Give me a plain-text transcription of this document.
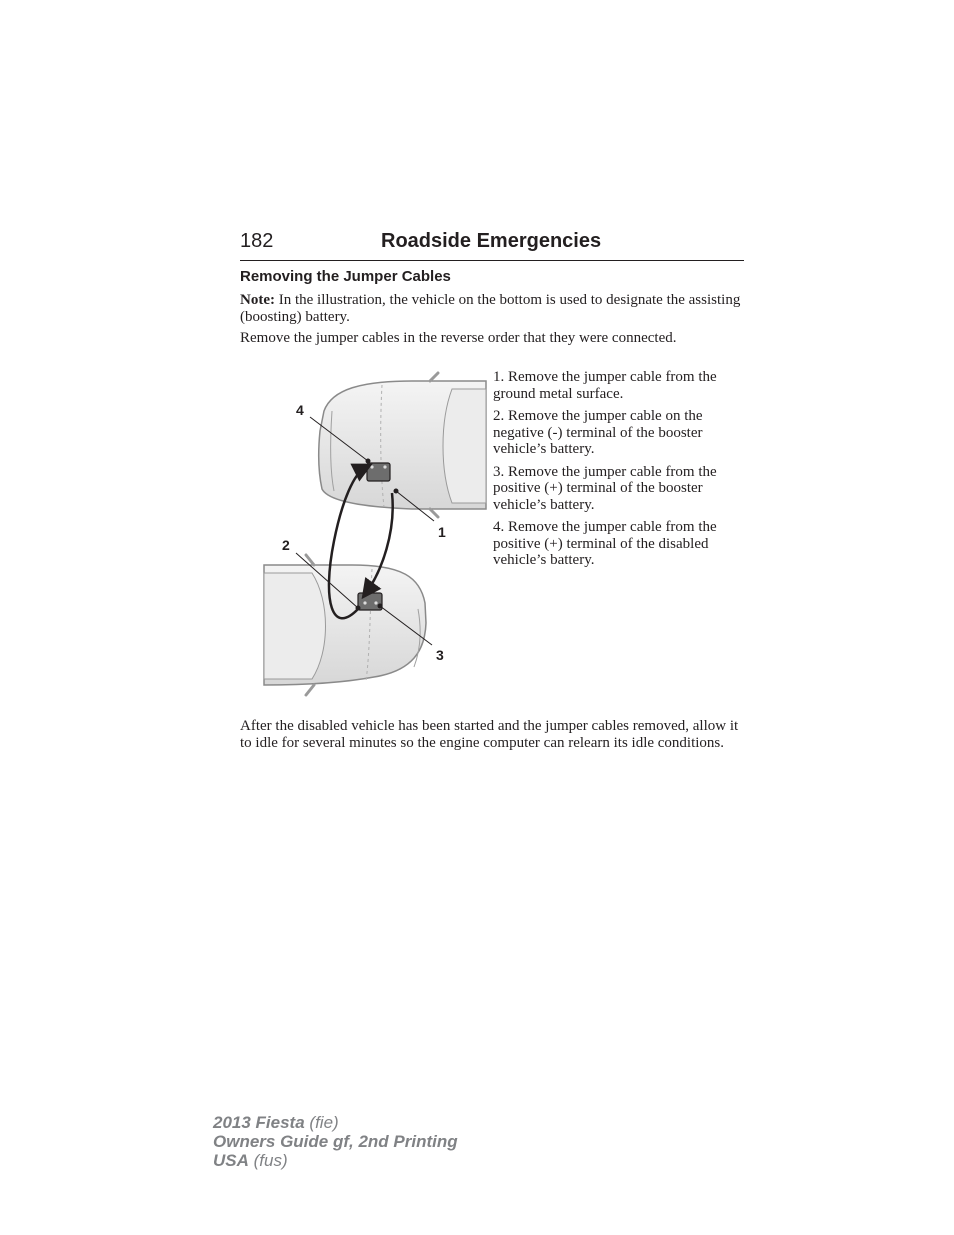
182	Roadside Emergencies
Removing the Jumper Cables

Note: In the illustration, the vehicle on the bottom is used to designate the assisting (boosting) battery.

Remove the jumper cables in the reverse order that they were connected.

1. Remove the jumper cable from the ground metal surface.

2. Remove the jumper cable on the negative (-) terminal of the booster vehicle’s battery.

3. Remove the jumper cable from the positive (+) terminal of the booster vehicle’s battery.

4. Remove the jumper cable from the positive (+) terminal of the disabled vehicle’s battery.

4
1
2
3

After the disabled vehicle has been started and the jumper cables removed, allow it to idle for several minutes so the engine computer can relearn its idle conditions.

2013 Fiesta (fie)
Owners Guide gf, 2nd Printing
USA (fus)
